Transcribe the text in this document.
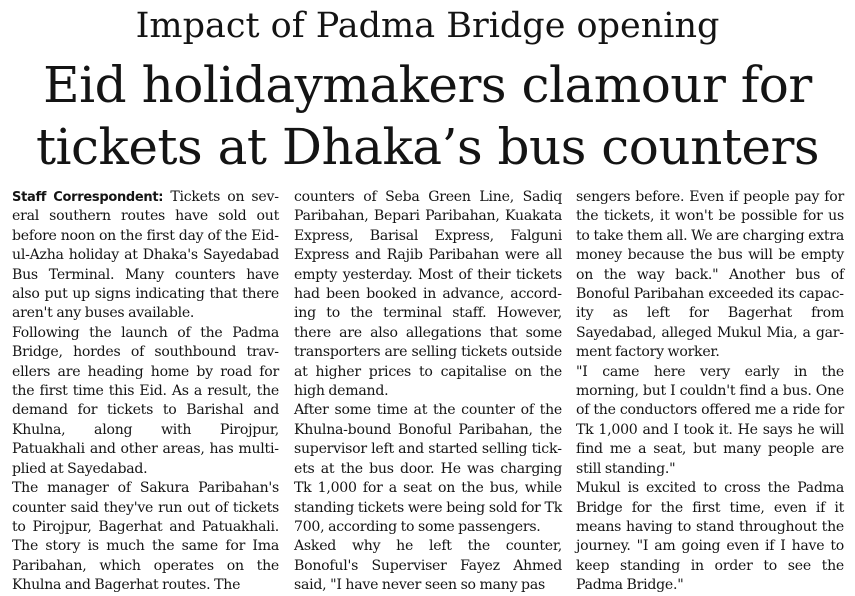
Impact of Padma Bridge opening
Eid holidaymakers clamour for
tickets at Dhaka’s bus counters

Staff Correspondent: Tickets on several southern routes have sold out before noon on the first day of the Eidul-Azha holiday at Dhaka's Sayedabad Bus Terminal. Many counters have also put up signs indicating that there aren't any buses available.

Following the launch of the Padma Bridge, hordes of southbound travellers are heading home by road for the first time this Eid. As a result, the demand for tickets to Barishal and Khulna, along with Pirojpur, Patuakhali and other areas, has multiplied at Sayedabad.

The manager of Sakura Paribahan's counter said they've run out of tickets to Pirojpur, Bagerhat and Patuakhali. The story is much the same for Ima Paribahan, which operates on the Khulna and Bagerhat routes. The

counters of Seba Green Line, Sadiq Paribahan, Bepari Paribahan, Kuakata Express, Barisal Express, Falguni Express and Rajib Paribahan were all empty yesterday. Most of their tickets had been booked in advance, according to the terminal staff. However, there are also allegations that some transporters are selling tickets outside at higher prices to capitalise on the high demand.

After some time at the counter of the Khulna-bound Bonoful Paribahan, the supervisor left and started selling tickets at the bus door. He was charging Tk 1,000 for a seat on the bus, while standing tickets were being sold for Tk 700, according to some passengers.

Asked why he left the counter, Bonoful's Superviser Fayez Ahmed said, "I have never seen so many pas

sengers before. Even if people pay for the tickets, it won't be possible for us to take them all. We are charging extra money because the bus will be empty on the way back." Another bus of Bonoful Paribahan exceeded its capacity as left for Bagerhat from Sayedabad, alleged Mukul Mia, a garment factory worker.

"I came here very early in the morning, but I couldn't find a bus. One of the conductors offered me a ride for Tk 1,000 and I took it. He says he will find me a seat, but many people are still standing."

Mukul is excited to cross the Padma Bridge for the first time, even if it means having to stand throughout the journey. "I am going even if I have to keep standing in order to see the Padma Bridge."
